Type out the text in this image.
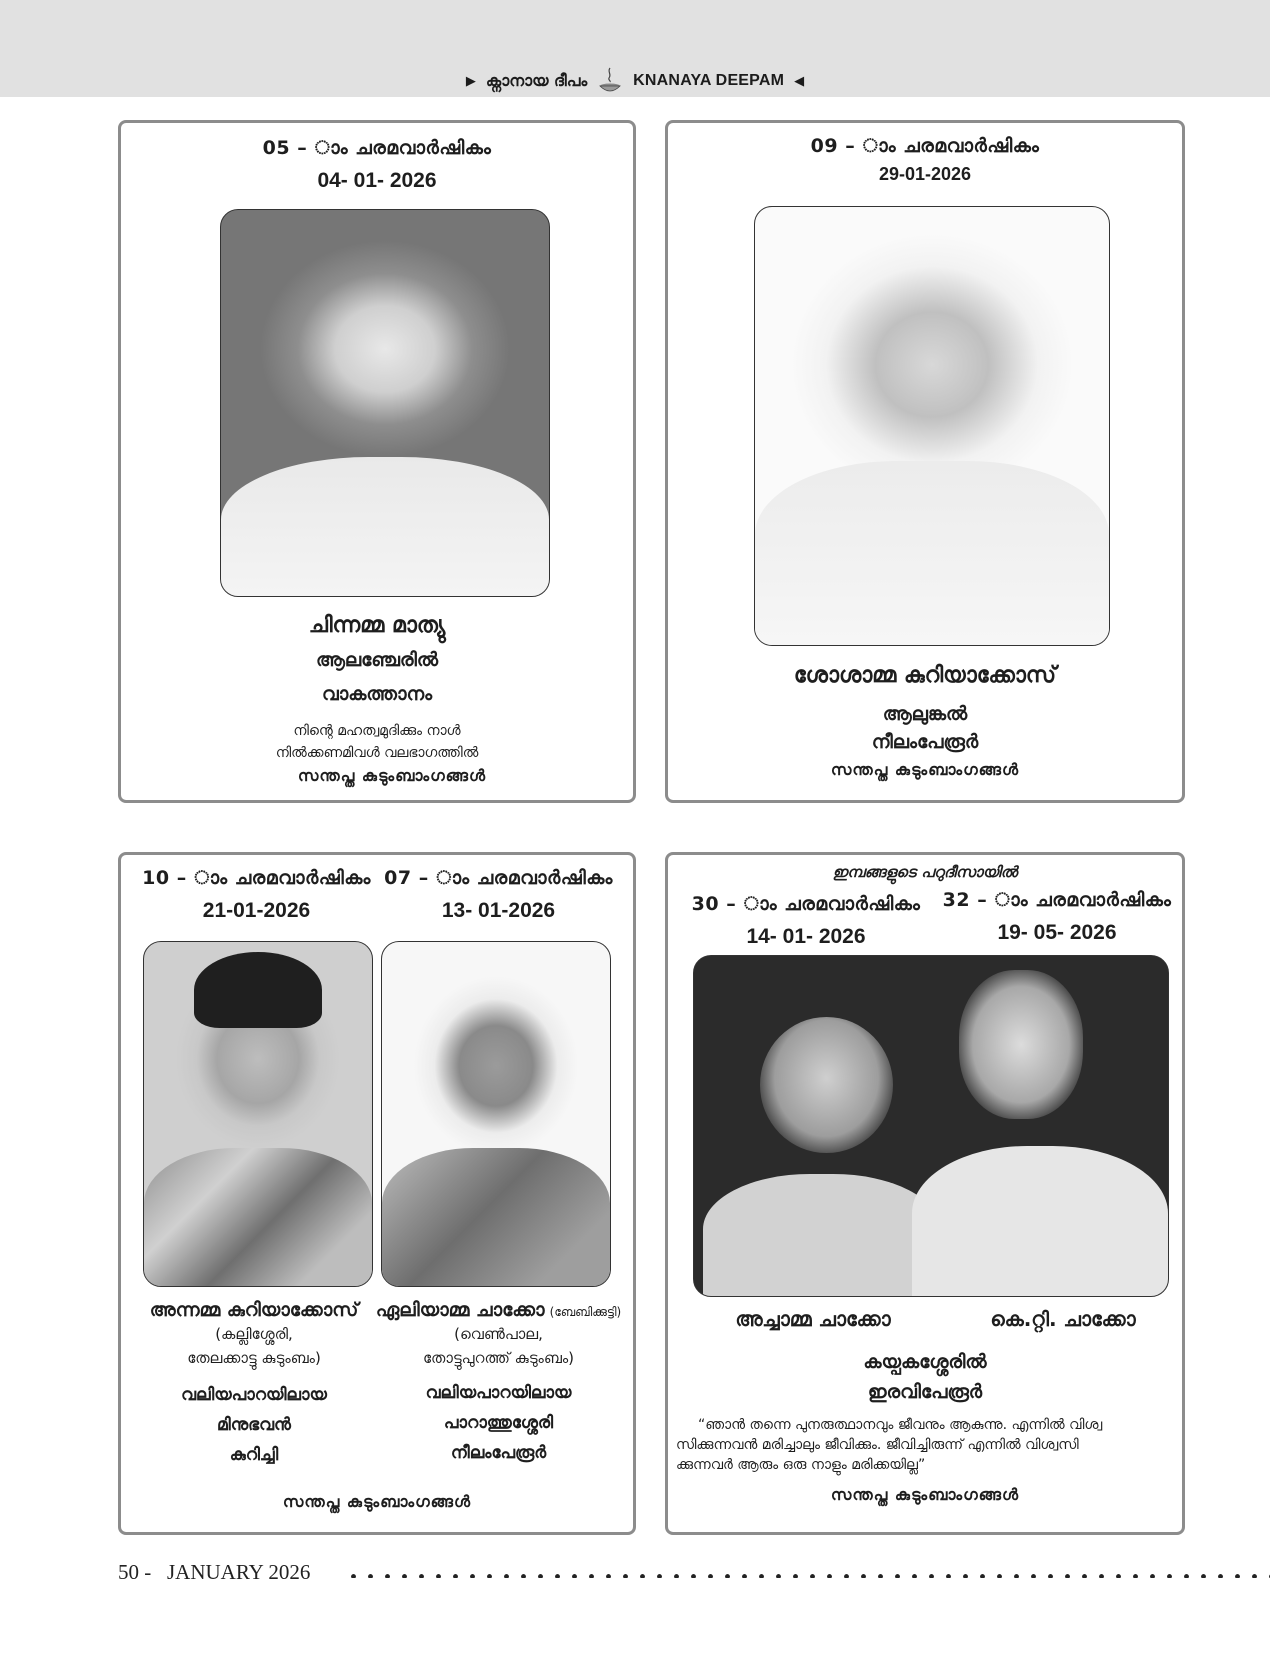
▶ ക്നാനായ ദീപം	KNANAYA DEEPAM ◀
05 – ാം ചരമവാർഷികം
04- 01- 2026
ചിന്നമ്മ മാത്യു
ആലഞ്ചേരിൽ
വാകത്താനം
നിന്റെ മഹത്വമുദിക്കും നാൾ
നിൽക്കണമിവൾ വലഭാഗത്തിൽ
സന്തപ്ത കുടുംബാംഗങ്ങൾ
09 – ാം ചരമവാർഷികം
29-01-2026
ശോശാമ്മ കുറിയാക്കോസ്
ആലുങ്കൽ
നീലംപേരൂർ
സന്തപ്ത കുടുംബാംഗങ്ങൾ
10 – ാം ചരമവാർഷികം
21-01-2026
07 – ാം ചരമവാർഷികം
13- 01-2026
അന്നമ്മ കുറിയാക്കോസ്
(കല്ലിശ്ശേരി,
തേലക്കാട്ടു കുടുംബം)
വലിയപാറയിലായ
മിനുഭവൻ
കുറിച്ചി
ഏലിയാമ്മ ചാക്കോ (ബേബിക്കുട്ടി)
(വെൺപാല,
തോട്ടുപുറത്ത് കുടുംബം)
വലിയപാറയിലായ
പാറാത്തുശ്ശേരി
നീലംപേരൂർ
സന്തപ്ത കുടുംബാംഗങ്ങൾ
ഇമ്പങ്ങളുടെ പറുദീസായിൽ
30 – ാം ചരമവാർഷികം
14- 01- 2026
32 – ാം ചരമവാർഷികം
19- 05- 2026
അച്ചാമ്മ ചാക്കോ	കെ.റ്റി. ചാക്കോ
കയ്പകശ്ശേരിൽ
ഇരവിപേരൂർ
“ഞാൻ തന്നെ പുനരുത്ഥാനവും ജീവനും ആകുന്നു. എന്നിൽ വിശ്വ
സിക്കുന്നവൻ മരിച്ചാലും ജീവിക്കും. ജീവിച്ചിരുന്ന് എന്നിൽ വിശ്വസി
ക്കുന്നവർ ആരും ഒരു നാളും മരിക്കയില്ല”
സന്തപ്ത കുടുംബാംഗങ്ങൾ
50 - JANUARY 2026
